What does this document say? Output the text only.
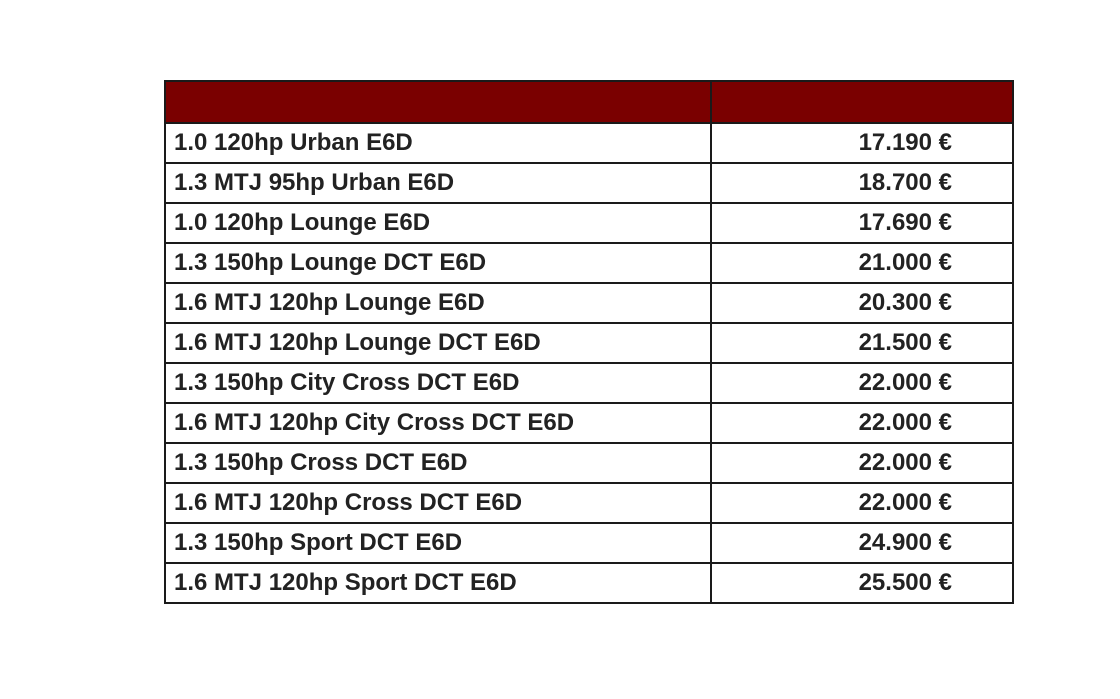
1.0 120hp Urban E6D	17.190 €
1.3 MTJ 95hp Urban E6D	18.700 €
1.0 120hp Lounge E6D	17.690 €
1.3 150hp Lounge DCT E6D	21.000 €
1.6 MTJ 120hp Lounge E6D	20.300 €
1.6 MTJ 120hp Lounge DCT E6D	21.500 €
1.3 150hp City Cross DCT E6D	22.000 €
1.6 MTJ 120hp City Cross DCT E6D	22.000 €
1.3 150hp Cross DCT E6D	22.000 €
1.6 MTJ 120hp Cross DCT E6D	22.000 €
1.3 150hp Sport DCT E6D	24.900 €
1.6 MTJ 120hp Sport DCT E6D	25.500 €
